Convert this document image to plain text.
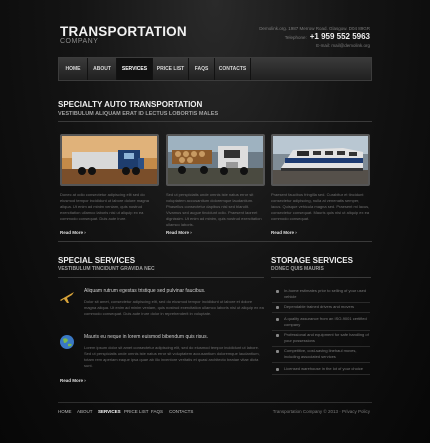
TRANSPORTATION
COMPANY
Demolink.org. 1987 Merrow Road. Glasgow. D04 89GR
Telephone: +1 959 552 5963
E-mail: mail@demolink.org
HOME	ABOUT	SERVICES	PRICE LIST	FAQS	CONTACTS
SPECIALTY AUTO TRANSPORTATION
VESTIBULUM ALIQUAM ERAT ID LECTUS LOBORTIS MALES
Donec at odio consectetur adipiscing elit sed do eiusmod tempor incididunt ut labore dolore magna aliqua. Ut enim ad minim veniam, quis nostrud exercitation ullamco laboris nisi ut aliquip ex ea commodo consequat. Duis aute irure.
Sed ut perspiciatis unde omnis iste natus error sit voluptatem accusantium doloremque laudantium. Phasellus consectetur dapibus nisl sed blandit. Vivamus sed augue tincidunt odio. Praesent laoreet dignissim. Ut enim ad minim, quis nostrud exercitation ullamco laboris.
Praesent faucibus fringilla sed. Curabitur et tincidunt consectetur adipiscing, nulla at venenatis semper, lacus. Quisque vehicula magna sed. Praesent mi lacus, consectetur consequat. Mauris quis nisi ut aliquip ex ea commodo consequat.
Read More ›	Read More ›	Read More ›
SPECIAL SERVICES
VESTIBULUM TINCIDUNT GRAVIDA NEC
Aliquam rutrum egestas tristique sed pulvinar faucibus.
Dolor sit amet, consectetur adipiscing elit, sed do eiusmod tempor incididunt ut labore et dolore magna aliqua. Ut enim ad minim veniam, quis nostrud exercitation ullamco laboris nisi ut aliquip ex ea commodo consequat. Duis aute irure dolor in reprehenderit in voluptate.
Mauris eu neque in lorem euismod bibendum quis risus.
Lorem ipsum dolor sit amet consectetur adipiscing elit, sed do eiusmod tempor incididunt ut labore. Sed ut perspiciatis unde omnis iste natus error sit voluptatem accusantium doloremque laudantium, totam rem aperiam eaque ipsa quae ab illo inventore veritatis et quasi architecto beatae vitae dicta sunt.
Read More ›
STORAGE SERVICES
DONEC QUIS MAURIS
In-home estimates prior to selling of your used vehicle
Dependable trained drivers and movers
A quality assurance from an ISO-9001 certified company
Professional and equipment for safe handling of your possessions
Competitive, cost-saving linehaul moves, including associated services
Licensed warehouse in the lot of your choice
HOME ABOUT SERVICES PRICE LIST FAQS CONTACTS	Transportation Company © 2013 · Privacy Policy
